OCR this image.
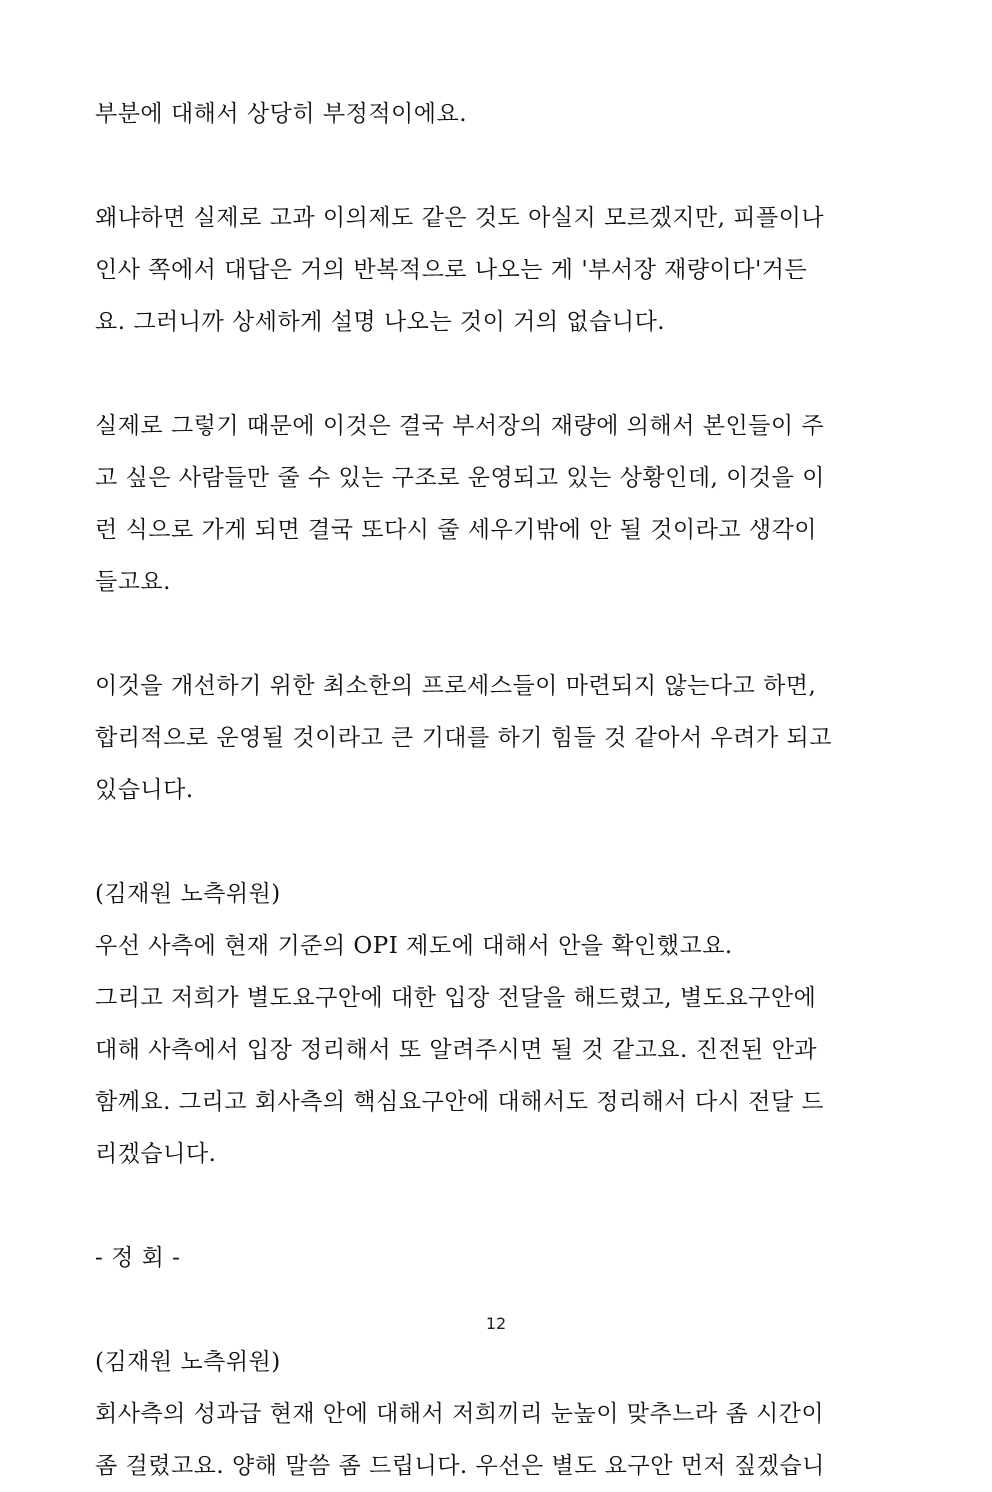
부분에 대해서 상당히 부정적이에요.
왜냐하면 실제로 고과 이의제도 같은 것도 아실지 모르겠지만, 피플이나
인사 쪽에서 대답은 거의 반복적으로 나오는 게 '부서장 재량이다'거든
요. 그러니까 상세하게 설명 나오는 것이 거의 없습니다.
실제로 그렇기 때문에 이것은 결국 부서장의 재량에 의해서 본인들이 주
고 싶은 사람들만 줄 수 있는 구조로 운영되고 있는 상황인데, 이것을 이
런 식으로 가게 되면 결국 또다시 줄 세우기밖에 안 될 것이라고 생각이
들고요.
이것을 개선하기 위한 최소한의 프로세스들이 마련되지 않는다고 하면,
합리적으로 운영될 것이라고 큰 기대를 하기 힘들 것 같아서 우려가 되고
있습니다.
(김재원 노측위원)
우선 사측에 현재 기준의 OPI 제도에 대해서 안을 확인했고요.
그리고 저희가 별도요구안에 대한 입장 전달을 해드렸고, 별도요구안에
대해 사측에서 입장 정리해서 또 알려주시면 될 것 같고요. 진전된 안과
함께요. 그리고 회사측의 핵심요구안에 대해서도 정리해서 다시 전달 드
리겠습니다.
- 정 회 -
(김재원 노측위원)
회사측의 성과급 현재 안에 대해서 저희끼리 눈높이 맞추느라 좀 시간이
좀 걸렸고요. 양해 말씀 좀 드립니다. 우선은 별도 요구안 먼저 짚겠습니
12
